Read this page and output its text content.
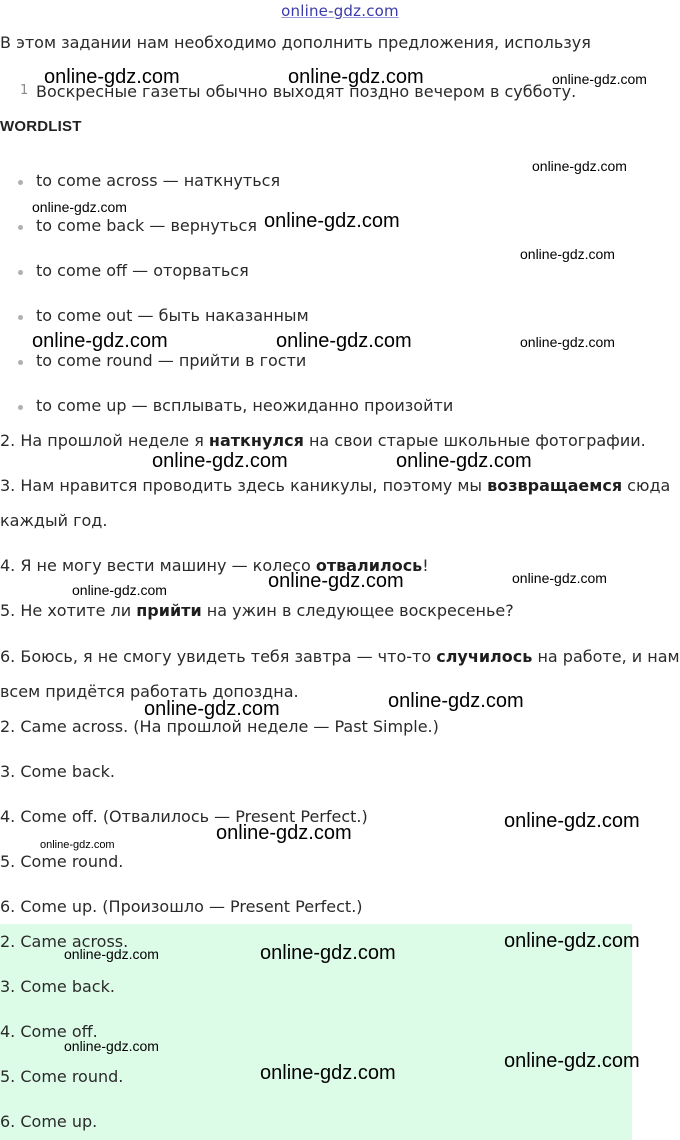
online-gdz.com
В этом задании нам необходимо дополнить предложения, используя
1 Воскресные газеты обычно выходят поздно вечером в субботу.
WORDLIST
to come across — наткнуться
to come back — вернуться
to come off — оторваться
to come out — быть наказанным
to come round — прийти в гости
to come up — всплывать, неожиданно произойти
2. На прошлой неделе я наткнулся на свои старые школьные фотографии.
3. Нам нравится проводить здесь каникулы, поэтому мы возвращаемся сюда
каждый год.
4. Я не могу вести машину — колесо отвалилось!
5. Не хотите ли прийти на ужин в следующее воскресенье?
6. Боюсь, я не смогу увидеть тебя завтра — что-то случилось на работе, и нам
всем придётся работать допоздна.
2. Came across. (На прошлой неделе — Past Simple.)
3. Come back.
4. Come off. (Отвалилось — Present Perfect.)
5. Come round.
6. Come up. (Произошло — Present Perfect.)
2. Came across.
3. Come back.
4. Come off.
5. Come round.
6. Come up.
online-gdz.com	online-gdz.com	online-gdz.com
online-gdz.com
online-gdz.com
online-gdz.com
online-gdz.com
online-gdz.com	online-gdz.com	online-gdz.com
online-gdz.com	online-gdz.com
online-gdz.com	online-gdz.com
online-gdz.com
online-gdz.com
online-gdz.com
online-gdz.com
online-gdz.com
online-gdz.com
online-gdz.com
online-gdz.com
online-gdz.com
online-gdz.com
online-gdz.com
online-gdz.com
